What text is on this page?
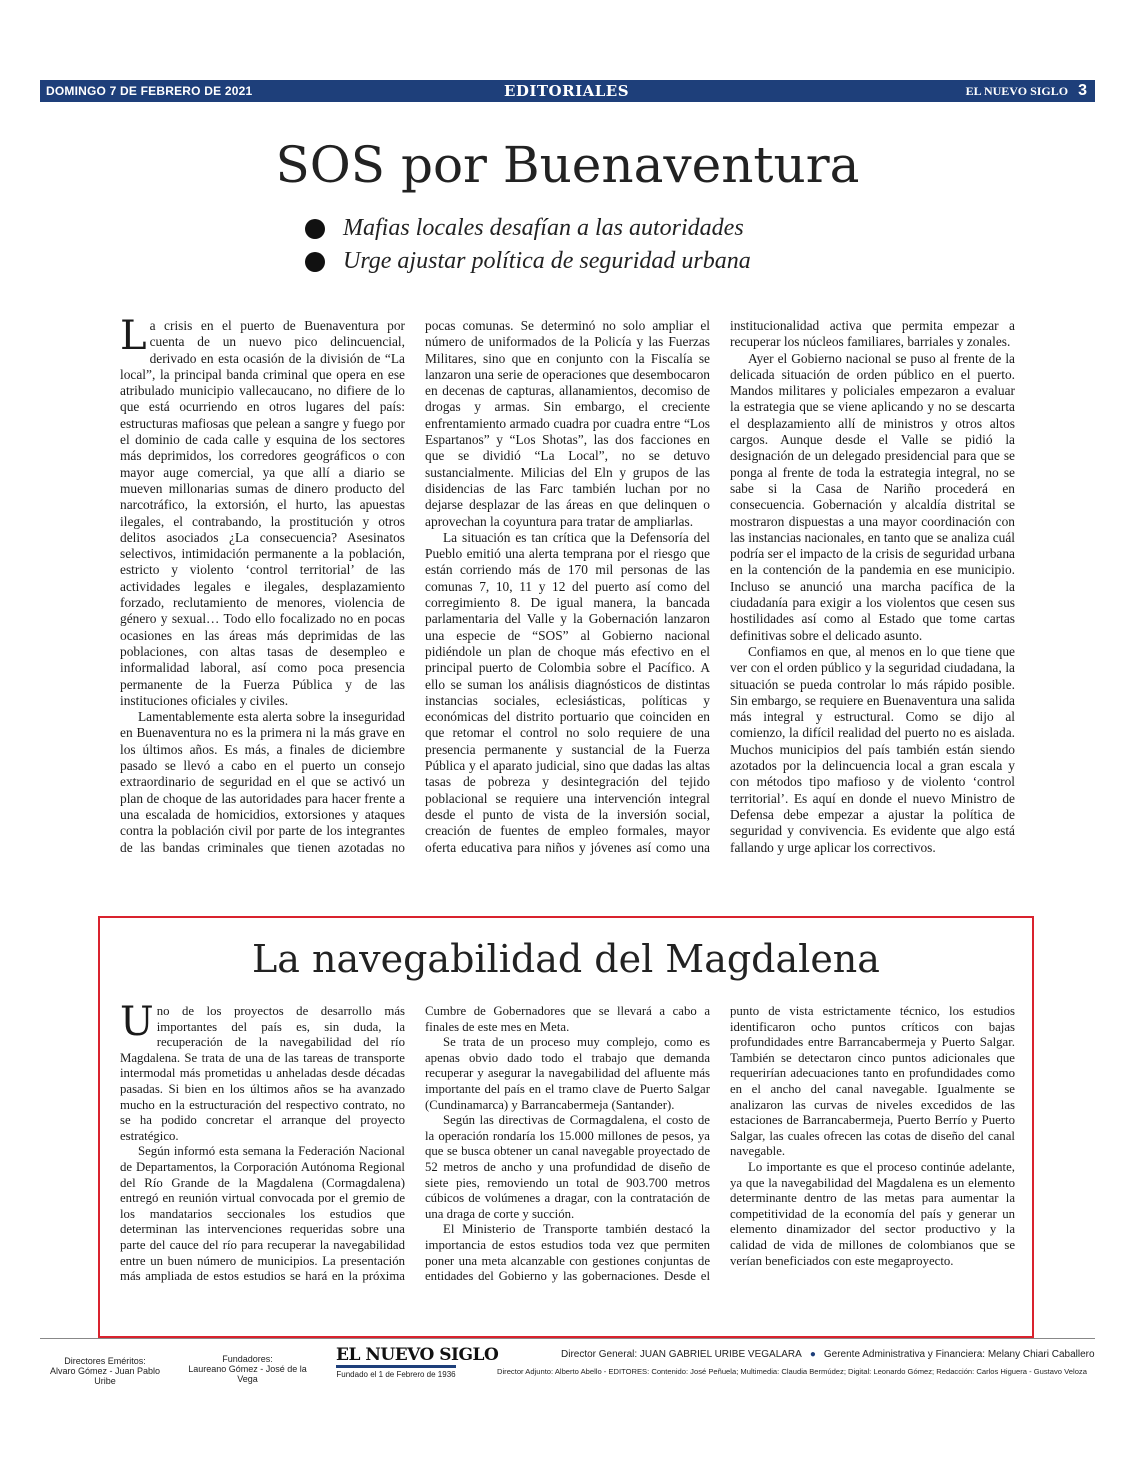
DOMINGO 7 DE FEBRERO DE 2021	EDITORIALES	EL NUEVO SIGLO 3
SOS por Buenaventura
Mafias locales desafían a las autoridades
Urge ajustar política de seguridad urbana

La crisis en el puerto de Buenaventura por cuenta de un nuevo pico delincuencial, derivado en esta ocasión de la división de “La local”, la principal banda criminal que opera en ese atribulado municipio vallecaucano, no difiere de lo que está ocurriendo en otros lugares del país: estructuras mafiosas que pelean a sangre y fuego por el dominio de cada calle y esquina de los sectores más deprimidos, los corredores geográficos o con mayor auge comercial, ya que allí a diario se mueven millonarias sumas de dinero producto del narcotráfico, la extorsión, el hurto, las apuestas ilegales, el contrabando, la prostitución y otros delitos asociados ¿La consecuencia? Asesinatos selectivos, intimidación permanente a la población, estricto y violento ‘control territorial’ de las actividades legales e ilegales, desplazamiento forzado, reclutamiento de menores, violencia de género y sexual… Todo ello focalizado no en pocas ocasiones en las áreas más deprimidas de las poblaciones, con altas tasas de desempleo e informalidad laboral, así como poca presencia permanente de la Fuerza Pública y de las instituciones oficiales y civiles.

Lamentablemente esta alerta sobre la inseguridad en Buenaventura no es la primera ni la más grave en los últimos años. Es más, a finales de diciembre pasado se llevó a cabo en el puerto un consejo extraordinario de seguridad en el que se activó un plan de choque de las autoridades para hacer frente a una escalada de homicidios, extorsiones y ataques contra la población civil por parte de los integrantes de las bandas criminales que tienen azotadas no pocas comunas. Se determinó no solo ampliar el número de uniformados de la Policía y las Fuerzas Militares, sino que en conjunto con la Fiscalía se lanzaron una serie de operaciones que desembocaron en decenas de capturas, allanamientos, decomiso de drogas y armas. Sin embargo, el creciente enfrentamiento armado cuadra por cuadra entre “Los Espartanos” y “Los Shotas”, las dos facciones en que se dividió “La Local”, no se detuvo sustancialmente. Milicias del Eln y grupos de las disidencias de las Farc también luchan por no dejarse desplazar de las áreas en que delinquen o aprovechan la coyuntura para tratar de ampliarlas.

La situación es tan crítica que la Defensoría del Pueblo emitió una alerta temprana por el riesgo que están corriendo más de 170 mil personas de las comunas 7, 10, 11 y 12 del puerto así como del corregimiento 8. De igual manera, la bancada parlamentaria del Valle y la Gobernación lanzaron una especie de “SOS” al Gobierno nacional pidiéndole un plan de choque más efectivo en el principal puerto de Colombia sobre el Pacífico. A ello se suman los análisis diagnósticos de distintas instancias sociales, eclesiásticas, políticas y económicas del distrito portuario que coinciden en que retomar el control no solo requiere de una presencia permanente y sustancial de la Fuerza Pública y el aparato judicial, sino que dadas las altas tasas de pobreza y desintegración del tejido poblacional se requiere una intervención integral desde el punto de vista de la inversión social, creación de fuentes de empleo formales, mayor oferta educativa para niños y jóvenes así como una institucionalidad activa que permita empezar a recuperar los núcleos familiares, barriales y zonales.

Ayer el Gobierno nacional se puso al frente de la delicada situación de orden público en el puerto. Mandos militares y policiales empezaron a evaluar la estrategia que se viene aplicando y no se descarta el desplazamiento allí de ministros y otros altos cargos. Aunque desde el Valle se pidió la designación de un delegado presidencial para que se ponga al frente de toda la estrategia integral, no se sabe si la Casa de Nariño procederá en consecuencia. Gobernación y alcaldía distrital se mostraron dispuestas a una mayor coordinación con las instancias nacionales, en tanto que se analiza cuál podría ser el impacto de la crisis de seguridad urbana en la contención de la pandemia en ese municipio. Incluso se anunció una marcha pacífica de la ciudadanía para exigir a los violentos que cesen sus hostilidades así como al Estado que tome cartas definitivas sobre el delicado asunto.

Confiamos en que, al menos en lo que tiene que ver con el orden público y la seguridad ciudadana, la situación se pueda controlar lo más rápido posible. Sin embargo, se requiere en Buenaventura una salida más integral y estructural. Como se dijo al comienzo, la difícil realidad del puerto no es aislada. Muchos municipios del país también están siendo azotados por la delincuencia local a gran escala y con métodos tipo mafioso y de violento ‘control territorial’. Es aquí en donde el nuevo Ministro de Defensa debe empezar a ajustar la política de seguridad y convivencia. Es evidente que algo está fallando y urge aplicar los correctivos.

La navegabilidad del Magdalena

Uno de los proyectos de desarrollo más importantes del país es, sin duda, la recuperación de la navegabilidad del río Magdalena. Se trata de una de las tareas de transporte intermodal más prometidas u anheladas desde décadas pasadas. Si bien en los últimos años se ha avanzado mucho en la estructuración del respectivo contrato, no se ha podido concretar el arranque del proyecto estratégico.

Según informó esta semana la Federación Nacional de Departamentos, la Corporación Autónoma Regional del Río Grande de la Magdalena (Cormagdalena) entregó en reunión virtual convocada por el gremio de los mandatarios seccionales los estudios que determinan las intervenciones requeridas sobre una parte del cauce del río para recuperar la navegabilidad entre un buen número de municipios. La presentación más ampliada de estos estudios se hará en la próxima Cumbre de Gobernadores que se llevará a cabo a finales de este mes en Meta.

Se trata de un proceso muy complejo, como es apenas obvio dado todo el trabajo que demanda recuperar y asegurar la navegabilidad del afluente más importante del país en el tramo clave de Puerto Salgar (Cundinamarca) y Barrancabermeja (Santander).

Según las directivas de Cormagdalena, el costo de la operación rondaría los 15.000 millones de pesos, ya que se busca obtener un canal navegable proyectado de 52 metros de ancho y una profundidad de diseño de siete pies, removiendo un total de 903.700 metros cúbicos de volúmenes a dragar, con la contratación de una draga de corte y succión.

El Ministerio de Transporte también destacó la importancia de estos estudios toda vez que permiten poner una meta alcanzable con gestiones conjuntas de entidades del Gobierno y las gobernaciones. Desde el punto de vista estrictamente técnico, los estudios identificaron ocho puntos críticos con bajas profundidades entre Barrancabermeja y Puerto Salgar. También se detectaron cinco puntos adicionales que requerirían adecuaciones tanto en profundidades como en el ancho del canal navegable. Igualmente se analizaron las curvas de niveles excedidos de las estaciones de Barrancabermeja, Puerto Berrío y Puerto Salgar, las cuales ofrecen las cotas de diseño del canal navegable.

Lo importante es que el proceso continúe adelante, ya que la navegabilidad del Magdalena es un elemento determinante dentro de las metas para aumentar la competitividad de la economía del país y generar un elemento dinamizador del sector productivo y la calidad de vida de millones de colombianos que se verían beneficiados con este megaproyecto.

Directores Eméritos:
Alvaro Gómez - Juan Pablo Uribe
Fundadores:
Laureano Gómez - José de la Vega
EL NUEVO SIGLO
Fundado el 1 de Febrero de 1936
Director General: JUAN GABRIEL URIBE VEGALARA ● Gerente Administrativa y Financiera: Melany Chiari Caballero
Director Adjunto: Alberto Abello - EDITORES: Contenido: José Peñuela; Multimedia: Claudia Bermúdez; Digital: Leonardo Gómez; Redacción: Carlos Higuera - Gustavo Veloza
